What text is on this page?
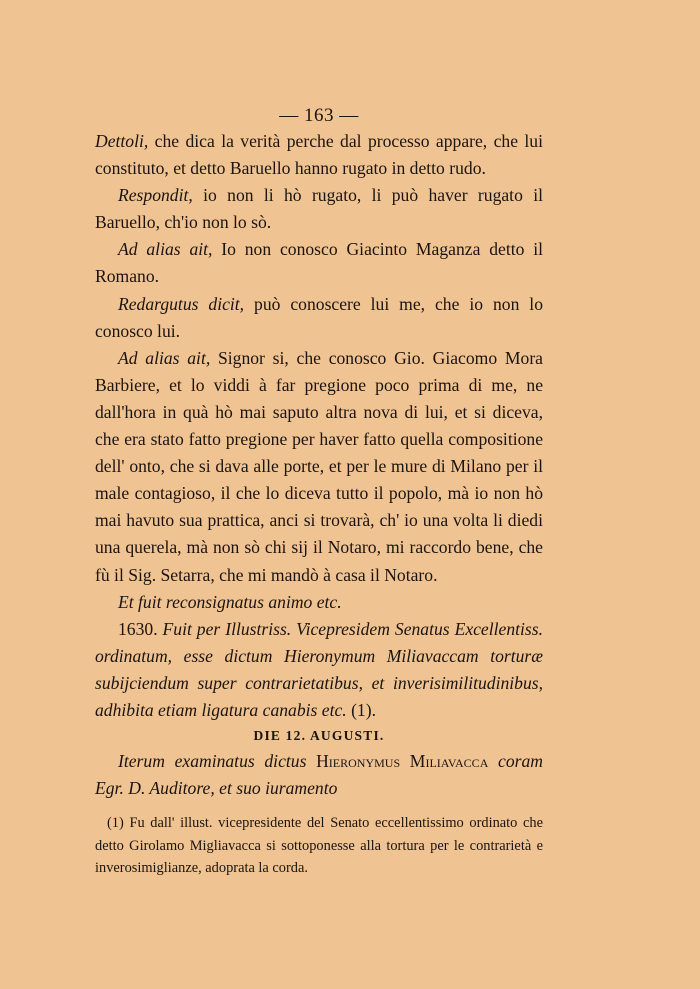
— 163 —

Dettoli, che dica la verità perche dal processo appare, che lui constituto, et detto Baruello hanno rugato in detto rudo.

Respondit, io non li hò rugato, li può haver rugato il Baruello, ch'io non lo sò.

Ad alias ait, Io non conosco Giacinto Maganza detto il Romano.

Redargutus dicit, può conoscere lui me, che io non lo conosco lui.

Ad alias ait, Signor si, che conosco Gio. Giacomo Mora Barbiere, et lo viddi à far pregione poco prima di me, ne dall'hora in quà hò mai saputo altra nova di lui, et si diceva, che era stato fatto pregione per haver fatto quella compositione dell' onto, che si dava alle porte, et per le mure di Milano per il male contagioso, il che lo diceva tutto il popolo, mà io non hò mai havuto sua prattica, anci si trovarà, ch' io una volta li diedi una querela, mà non sò chi sij il Notaro, mi raccordo bene, che fù il Sig. Setarra, che mi mandò à casa il Notaro.

Et fuit reconsignatus animo etc.

1630. Fuit per Illustriss. Vicepresidem Senatus Excellentiss. ordinatum, esse dictum Hieronymum Miliavaccam torturæ subijciendum super contrarietatibus, et inverisimilitudinibus, adhibita etiam ligatura canabis etc. (1).

DIE 12. AUGUSTI.

Iterum examinatus dictus Hieronymus Miliavacca coram Egr. D. Auditore, et suo iuramento

(1) Fu dall' illust. vicepresidente del Senato eccellentissimo ordinato che detto Girolamo Migliavacca si sottoponesse alla tortura per le contrarietà e inverosimiglianze, adoprata la corda.
